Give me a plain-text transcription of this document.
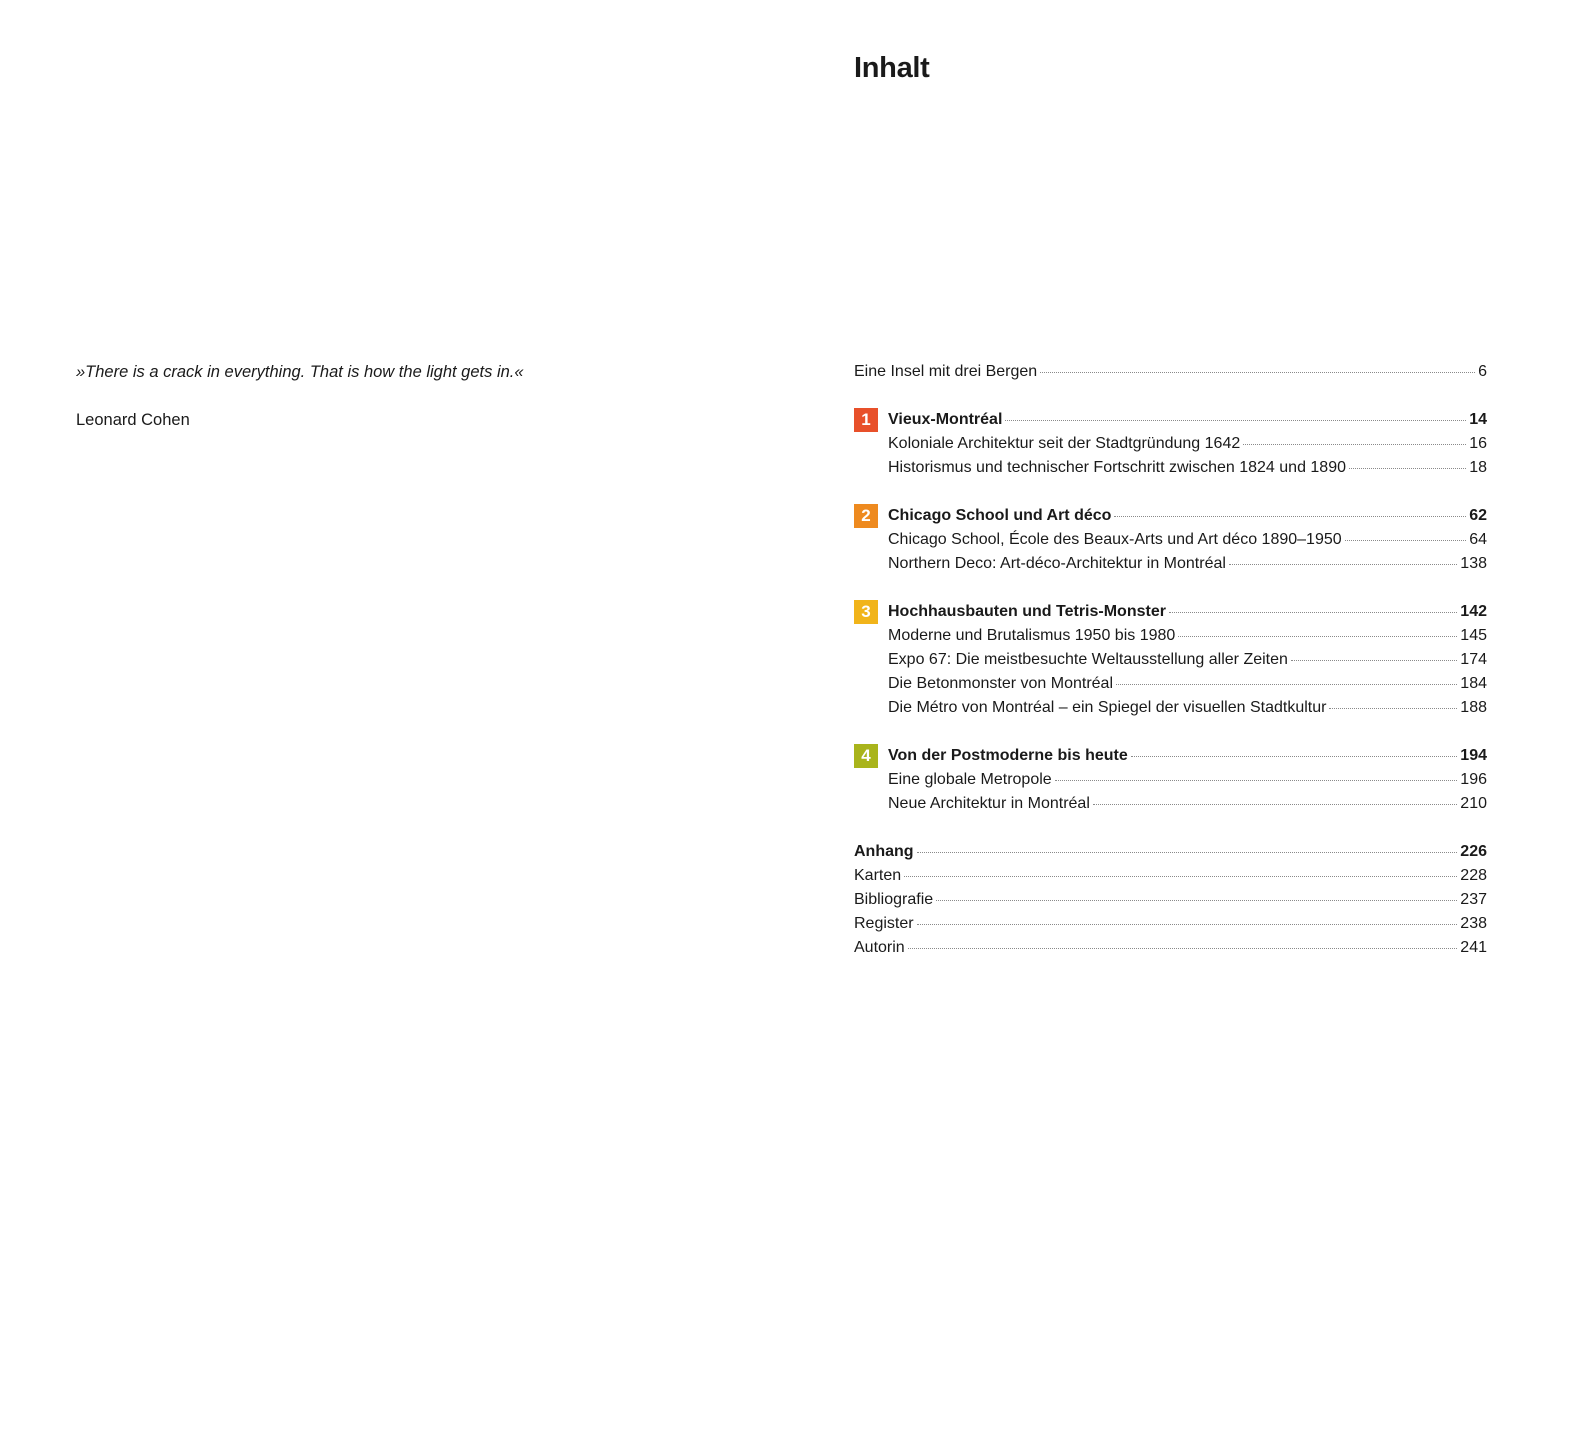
»There is a crack in everything. That is how the light gets in.«
Leonard Cohen
Inhalt
Eine Insel mit drei Bergen	6
1	Vieux-Montréal	14
Koloniale Architektur seit der Stadtgründung 1642	16
Historismus und technischer Fortschritt zwischen 1824 und 1890	18
2	Chicago School und Art déco	62
Chicago School, École des Beaux-Arts und Art déco 1890–1950	64
Northern Deco: Art-déco-Architektur in Montréal	138
3	Hochhausbauten und Tetris-Monster	142
Moderne und Brutalismus 1950 bis 1980	145
Expo 67: Die meistbesuchte Weltausstellung aller Zeiten	174
Die Betonmonster von Montréal	184
Die Métro von Montréal – ein Spiegel der visuellen Stadtkultur	188
4	Von der Postmoderne bis heute	194
Eine globale Metropole	196
Neue Architektur in Montréal	210
Anhang	226
Karten	228
Bibliografie	237
Register	238
Autorin	241
